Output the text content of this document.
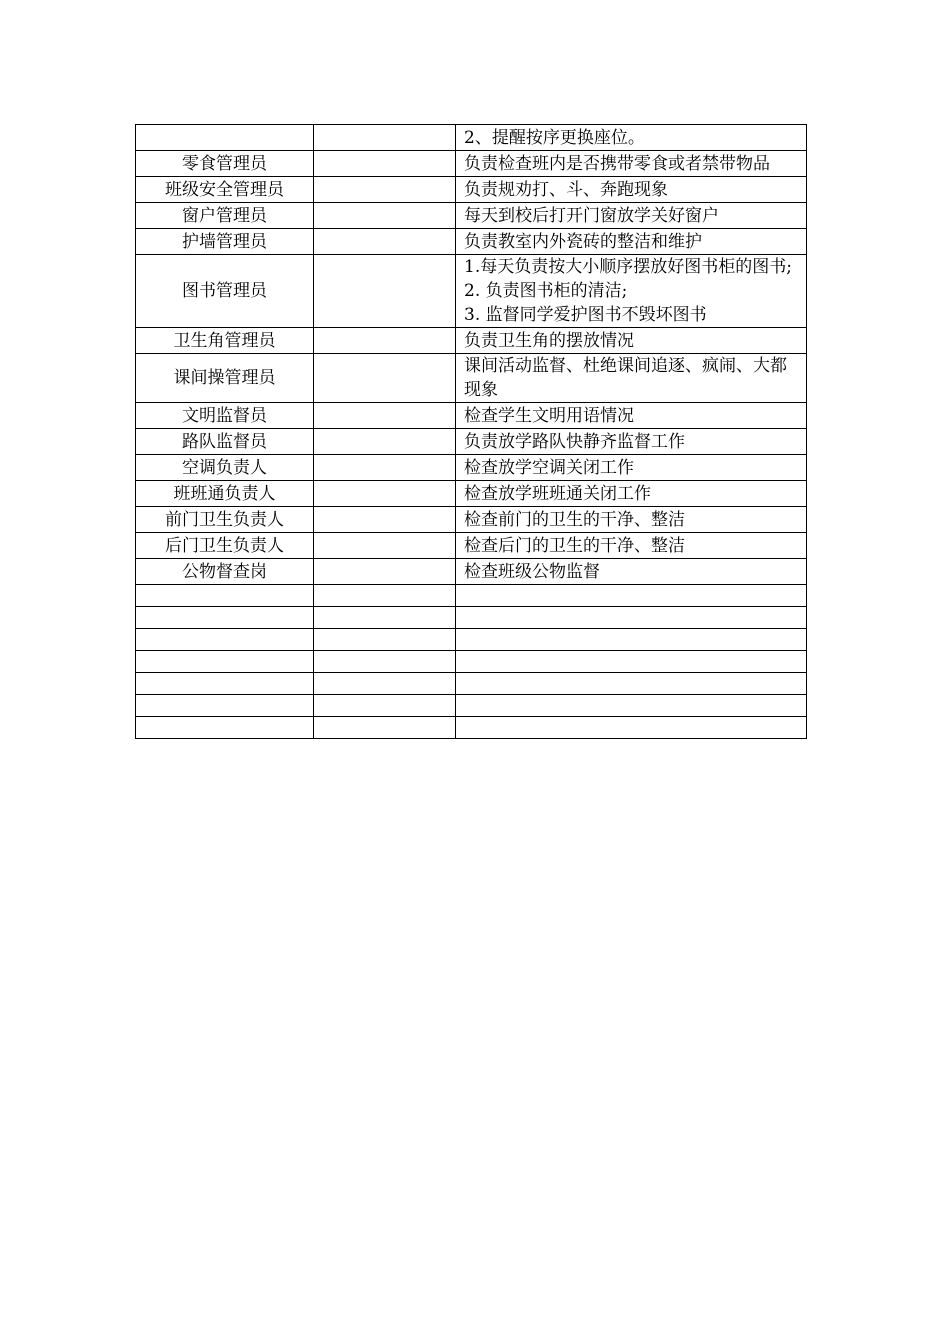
		2、提醒按序更换座位。

零食管理员		负责检查班内是否携带零食或者禁带物品

班级安全管理员		负责规劝打、斗、奔跑现象

窗户管理员		每天到校后打开门窗放学关好窗户

护墙管理员		负责教室内外瓷砖的整洁和维护

图书管理员		1.每天负责按大小顺序摆放好图书柜的图书;
2. 负责图书柜的清洁;
3. 监督同学爱护图书不毁坏图书

卫生角管理员		负责卫生角的摆放情况

课间操管理员		课间活动监督、杜绝课间追逐、疯闹、大都现象

文明监督员		检查学生文明用语情况

路队监督员		负责放学路队快静齐监督工作

空调负责人		检查放学空调关闭工作

班班通负责人		检查放学班班通关闭工作

前门卫生负责人		检查前门的卫生的干净、整洁

后门卫生负责人		检查后门的卫生的干净、整洁

公物督查岗		检查班级公物监督
